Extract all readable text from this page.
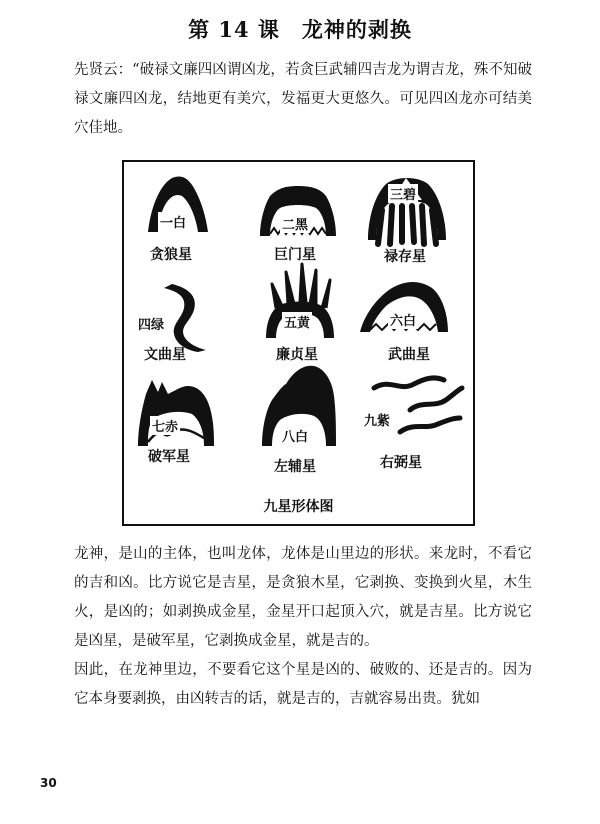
第 14 课　龙神的剥换

先贤云：“破禄文廉四凶谓凶龙，若贪巨武辅四吉龙为谓吉龙，殊不知破禄文廉四凶龙，结地更有美穴，发福更大更悠久。可见四凶龙亦可结美穴佳地。

一白
贪狼星
二黑
巨门星
三碧
禄存星
四绿
文曲星
五黄
廉贞星
六白
武曲星
七赤
破军星
八白
左辅星
九紫
右弼星
九星形体图

龙神，是山的主体，也叫龙体，龙体是山里边的形状。来龙时，不看它的吉和凶。比方说它是吉星，是贪狼木星，它剥换、变换到火星，木生火，是凶的；如剥换成金星，金星开口起顶入穴，就是吉星。比方说它是凶星，是破军星，它剥换成金星，就是吉的。

因此，在龙神里边，不要看它这个星是凶的、破败的、还是吉的。因为它本身要剥换，由凶转吉的话，就是吉的，吉就容易出贵。犹如

30
